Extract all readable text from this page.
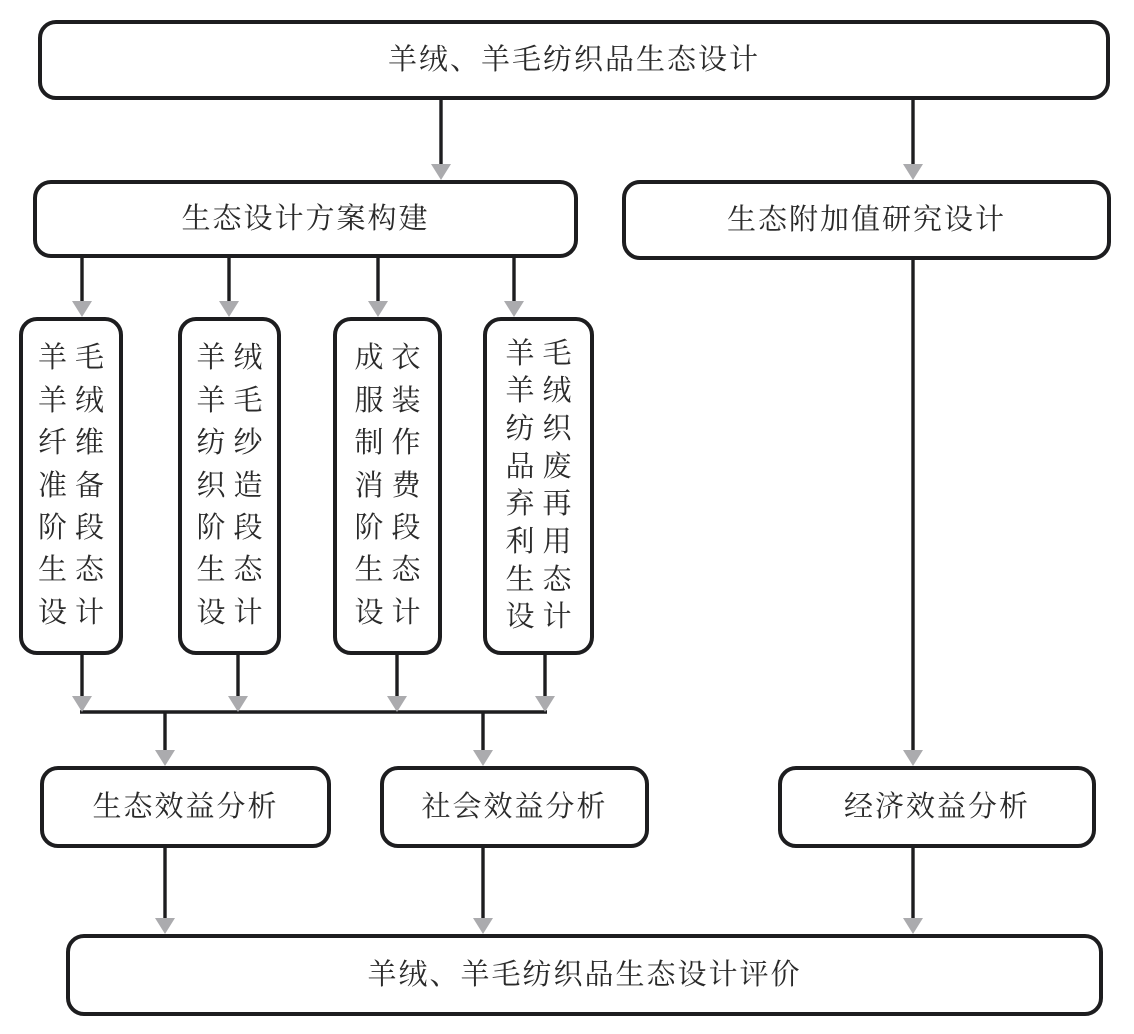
羊绒、羊毛纺织品生态设计
生态设计方案构建	生态附加值研究设计
羊毛
羊绒
纤维
准备
阶段
生态
设计
羊绒
羊毛
纺纱
织造
阶段
生态
设计
成衣
服装
制作
消费
阶段
生态
设计
羊毛
羊绒
纺织
品废
弃再
利用
生态
设计
生态效益分析	社会效益分析	经济效益分析
羊绒、羊毛纺织品生态设计评价
